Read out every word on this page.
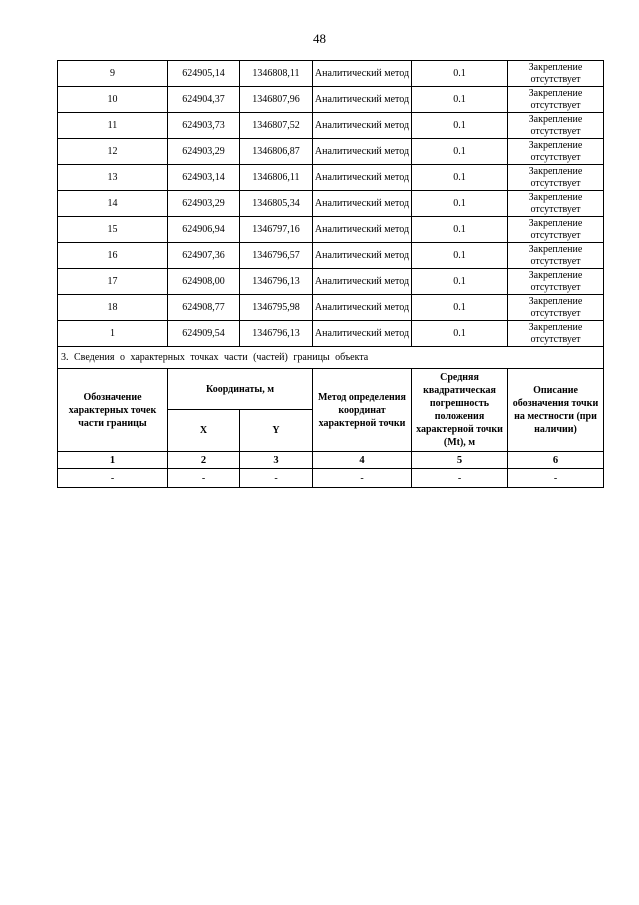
48
9	624905,14	1346808,11	Аналитический метод	0.1	Закрепление отсутствует
10	624904,37	1346807,96	Аналитический метод	0.1	Закрепление отсутствует
11	624903,73	1346807,52	Аналитический метод	0.1	Закрепление отсутствует
12	624903,29	1346806,87	Аналитический метод	0.1	Закрепление отсутствует
13	624903,14	1346806,11	Аналитический метод	0.1	Закрепление отсутствует
14	624903,29	1346805,34	Аналитический метод	0.1	Закрепление отсутствует
15	624906,94	1346797,16	Аналитический метод	0.1	Закрепление отсутствует
16	624907,36	1346796,57	Аналитический метод	0.1	Закрепление отсутствует
17	624908,00	1346796,13	Аналитический метод	0.1	Закрепление отсутствует
18	624908,77	1346795,98	Аналитический метод	0.1	Закрепление отсутствует
1	624909,54	1346796,13	Аналитический метод	0.1	Закрепление отсутствует
3. Сведения о характерных точках части (частей) границы объекта					
Обозначение характерных точек части границы	Координаты, м		Метод определения координат характерной точки	Средняя квадратическая погрешность положения характерной точки (Mt), м	Описание обозначения точки на местности (при наличии)
	X	Y			
1	2	3	4	5	6
-	-	-	-	-	-
